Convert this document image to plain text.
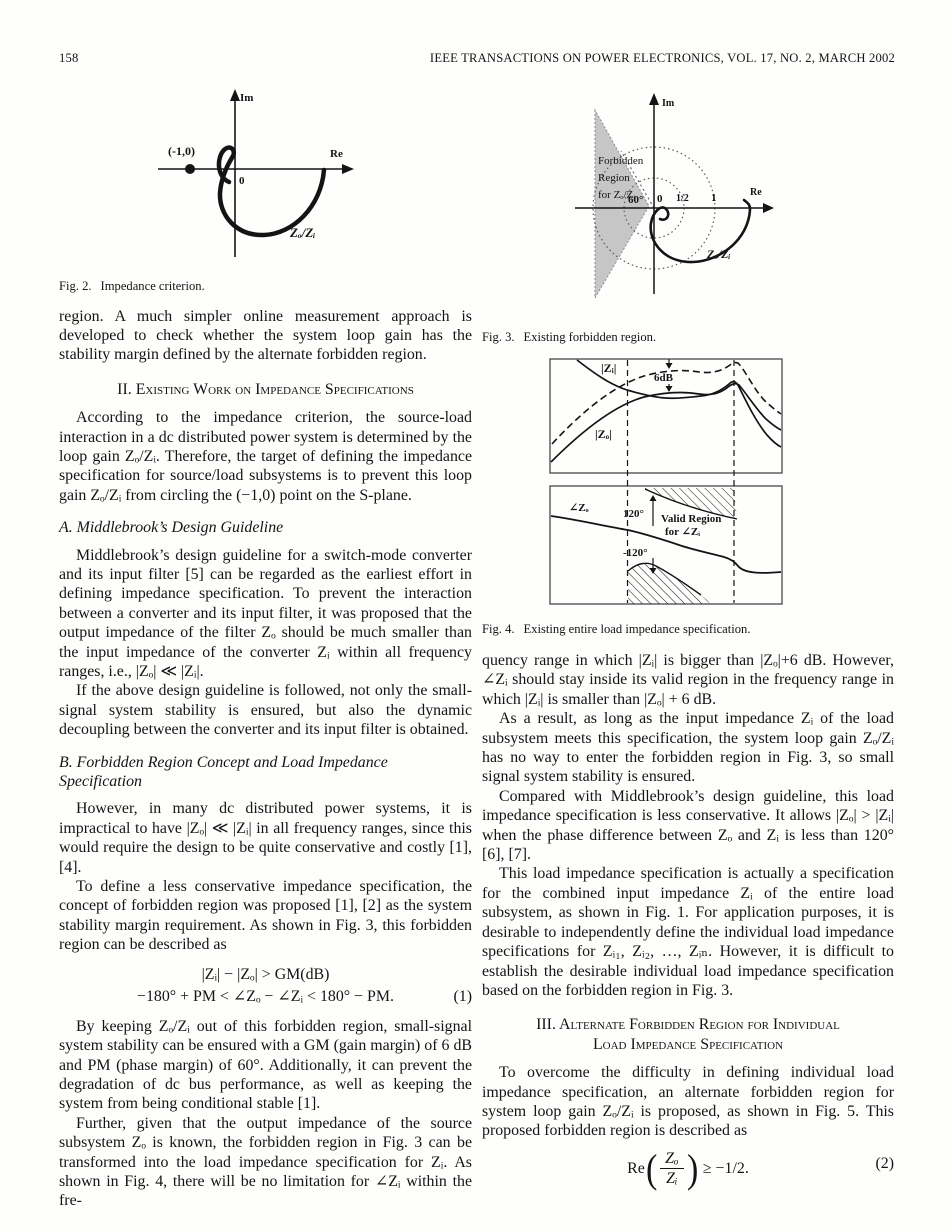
158	IEEE TRANSACTIONS ON POWER ELECTRONICS, VOL. 17, NO. 2, MARCH 2002
Im
Re
(-1,0)
0
Zₒ/Zᵢ
Fig. 2. Impedance criterion.

region. A much simpler online measurement approach is developed to check whether the system loop gain has the stability margin defined by the alternate forbidden region.

II. Existing Work on Impedance Specifications

According to the impedance criterion, the source-load interaction in a dc distributed power system is determined by the loop gain Zₒ/Zᵢ. Therefore, the target of defining the impedance specification for source/load subsystems is to prevent this loop gain Zₒ/Zᵢ from circling the (−1,0) point on the S-plane.

A. Middlebrook’s Design Guideline

Middlebrook’s design guideline for a switch-mode converter and its input filter [5] can be regarded as the earliest effort in defining impedance specification. To prevent the interaction between a converter and its input filter, it was proposed that the output impedance of the filter Zₒ should be much smaller than the input impedance of the converter Zᵢ within all frequency ranges, i.e., |Zₒ| ≪ |Zᵢ|.

If the above design guideline is followed, not only the small-signal system stability is ensured, but also the dynamic decoupling between the converter and its input filter is obtained.

B. Forbidden Region Concept and Load Impedance Specification

However, in many dc distributed power systems, it is impractical to have |Zₒ| ≪ |Zᵢ| in all frequency ranges, since this would require the design to be quite conservative and costly [1], [4].

To define a less conservative impedance specification, the concept of forbidden region was proposed [1], [2] as the system stability margin requirement. As shown in Fig. 3, this forbidden region can be described as

|Zᵢ| − |Zₒ| > GM(dB)
−180° + PM < ∠Zₒ − ∠Zᵢ < 180° − PM.	(1)

By keeping Zₒ/Zᵢ out of this forbidden region, small-signal system stability can be ensured with a GM (gain margin) of 6 dB and PM (phase margin) of 60°. Additionally, it can prevent the degradation of dc bus performance, as well as keeping the system from being conditional stable [1].

Further, given that the output impedance of the source subsystem Zₒ is known, the forbidden region in Fig. 3 can be transformed into the load impedance specification for Zᵢ. As shown in Fig. 4, there will be no limitation for ∠Zᵢ within the fre-

Im
Re
Forbidden
Region
for Zₒ/Zᵢ
60° 0 1/2 1
Zₒ/Zᵢ
Fig. 3. Existing forbidden region.
|Zᵢ|
|Zₒ|
6dB
∠Zₒ	120°
-120°
Valid Region
for ∠Zᵢ
Fig. 4. Existing entire load impedance specification.

quency range in which |Zᵢ| is bigger than |Zₒ|+6 dB. However, ∠Zᵢ should stay inside its valid region in the frequency range in which |Zᵢ| is smaller than |Zₒ| + 6 dB.

As a result, as long as the input impedance Zᵢ of the load subsystem meets this specification, the system loop gain Zₒ/Zᵢ has no way to enter the forbidden region in Fig. 3, so small signal system stability is ensured.

Compared with Middlebrook’s design guideline, this load impedance specification is less conservative. It allows |Zₒ| > |Zᵢ| when the phase difference between Zₒ and Zᵢ is less than 120° [6], [7].

This load impedance specification is actually a specification for the combined input impedance Zᵢ of the entire load subsystem, as shown in Fig. 1. For application purposes, it is desirable to independently define the individual load impedance specifications for Zᵢ₁, Zᵢ₂, …, Zᵢₙ. However, it is difficult to establish the desirable individual load impedance specification based on the forbidden region in Fig. 3.

III. Alternate Forbidden Region for Individual
Load Impedance Specification

To overcome the difficulty in defining individual load impedance specification, an alternate forbidden region for system loop gain Zₒ/Zᵢ is proposed, as shown in Fig. 5. This proposed forbidden region is described as

Re ( $\frac{\text{Zₒ}}{\text{Zᵢ}}$ ) ≥ −1/2.	(2)
